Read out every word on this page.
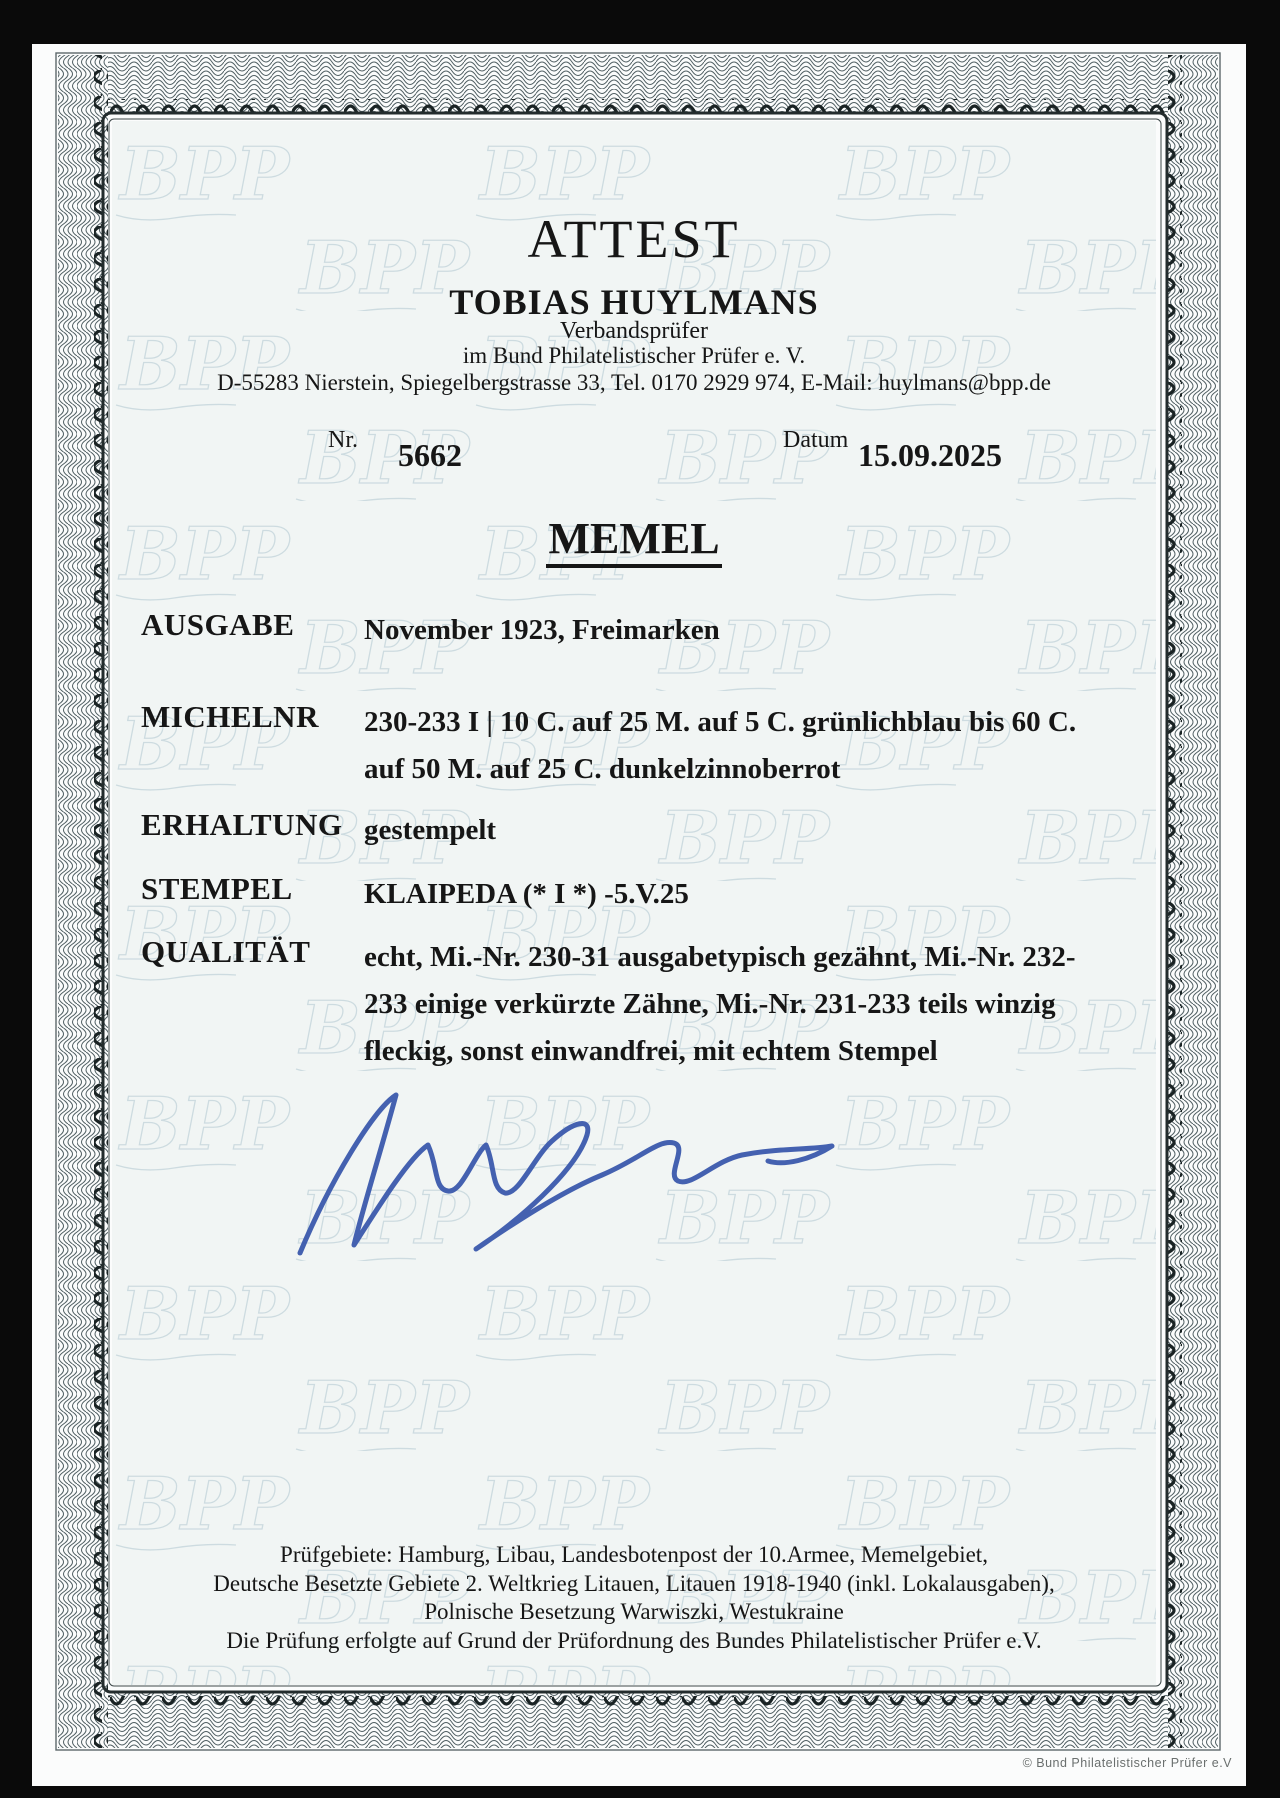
ATTEST
TOBIAS HUYLMANS
Verbandsprüfer
im Bund Philatelistischer Prüfer e. V.
D-55283 Nierstein, Spiegelbergstrasse 33, Tel. 0170 2929 974, E-Mail: huylmans@bpp.de
Nr. 5662	Datum 15.09.2025
MEMEL
AUSGABE November 1923, Freimarken
MICHELNR 230-233 I | 10 C. auf 25 M. auf 5 C. grünlichblau bis 60 C.
auf 50 M. auf 25 C. dunkelzinnoberrot
ERHALTUNG gestempelt
STEMPEL KLAIPEDA (* I *) -5.V.25
QUALITÄT echt, Mi.-Nr. 230-31 ausgabetypisch gezähnt, Mi.-Nr. 232-
233 einige verkürzte Zähne, Mi.-Nr. 231-233 teils winzig
fleckig, sonst einwandfrei, mit echtem Stempel
Prüfgebiete: Hamburg, Libau, Landesbotenpost der 10.Armee, Memelgebiet,
Deutsche Besetzte Gebiete 2. Weltkrieg Litauen, Litauen 1918-1940 (inkl. Lokalausgaben),
Polnische Besetzung Warwiszki, Westukraine
Die Prüfung erfolgte auf Grund der Prüfordnung des Bundes Philatelistischer Prüfer e.V.
© Bund Philatelistischer Prüfer e.V
